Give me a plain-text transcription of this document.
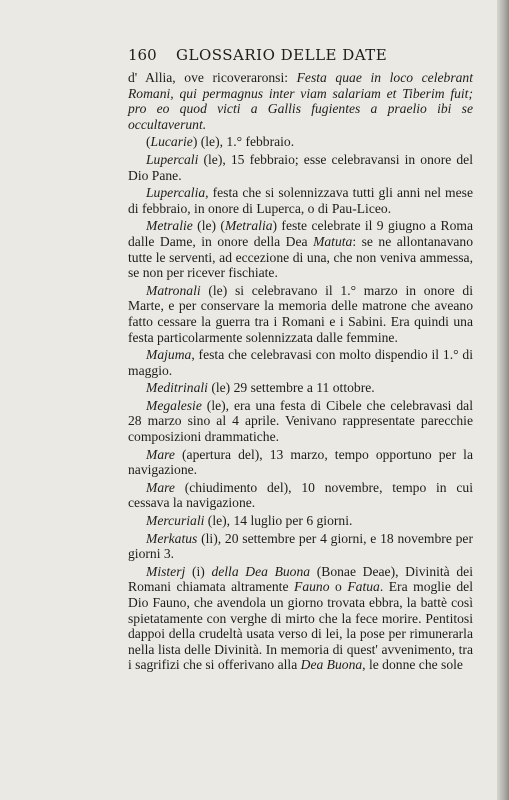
160 GLOSSARIO DELLE DATE

d' Allia, ove ricoveraronsi: Festa quae in loco celebrant Romani, qui permagnus inter viam salariam et Tiberim fuit; pro eo quod victi a Gallis fugientes a praelio ibi se occultaverunt.

(Lucarie) (le), 1.° febbraio.

Lupercali (le), 15 febbraio; esse celebravansi in onore del Dio Pane.

Lupercalia, festa che si solennizzava tutti gli anni nel mese di febbraio, in onore di Luperca, o di Pau-Liceo.

Metralie (le) (Metralia) feste celebrate il 9 giugno a Roma dalle Dame, in onore della Dea Matuta: se ne allontanavano tutte le serventi, ad eccezione di una, che non veniva ammessa, se non per ricever fischiate.

Matronali (le) si celebravano il 1.° marzo in onore di Marte, e per conservare la memoria delle matrone che aveano fatto cessare la guerra tra i Romani e i Sabini. Era quindi una festa particolarmente solennizzata dalle femmine.

Majuma, festa che celebravasi con molto dispendio il 1.° di maggio.

Meditrinali (le) 29 settembre a 11 ottobre.

Megalesie (le), era una festa di Cibele che celebravasi dal 28 marzo sino al 4 aprile. Venivano rappresentate parecchie composizioni drammatiche.

Mare (apertura del), 13 marzo, tempo opportuno per la navigazione.

Mare (chiudimento del), 10 novembre, tempo in cui cessava la navigazione.

Mercuriali (le), 14 luglio per 6 giorni.

Merkatus (li), 20 settembre per 4 giorni, e 18 novembre per giorni 3.

Misterj (i) della Dea Buona (Bonae Deae), Divinità dei Romani chiamata altramente Fauno o Fatua. Era moglie del Dio Fauno, che avendola un giorno trovata ebbra, la battè così spietatamente con verghe di mirto che la fece morire. Pentitosi dappoi della crudeltà usata verso di lei, la pose per rimunerarla nella lista delle Divinità. In memoria di quest' avvenimento, tra i sagrifizi che si offerivano alla Dea Buona, le donne che sole
